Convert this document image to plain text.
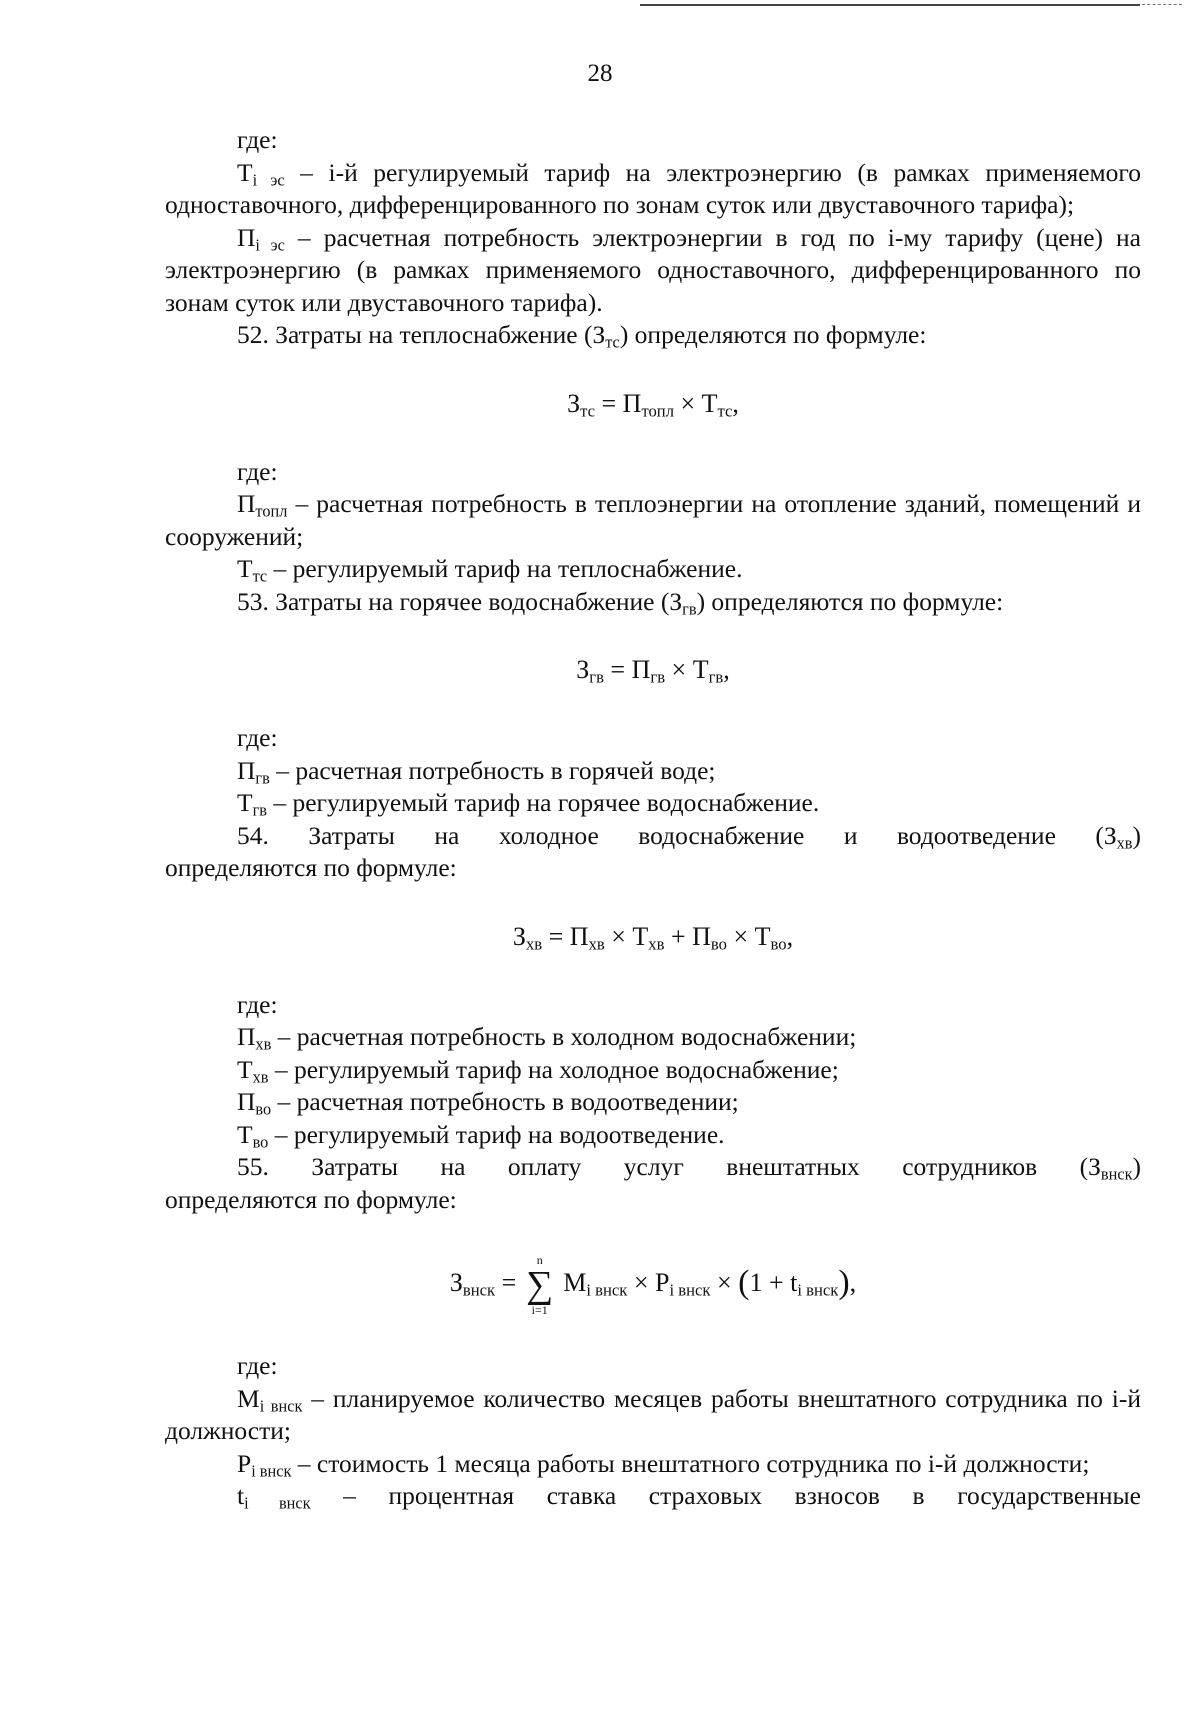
28

где:

$Т_{i эс} - i-й$ регулируемый тариф на электроэнергию (в рамках применяемого одноставочного, дифференцированного по зонам суток или двуставочного тарифа);

$П_{i эс}$ – расчетная потребность электроэнергии в год по i-му тарифу (цене) на электроэнергию (в рамках применяемого одноставочного, дифференцированного по зонам суток или двуставочного тарифа).

52. Затраты на теплоснабжение $(З_{тс})$ определяются по формуле:

$З_{тс} = П_{топл} \times Т_{тс}$,

где:

$П_{топл}$ – расчетная потребность в теплоэнергии на отопление зданий, помещений и сооружений;

$Т_{тс}$ – регулируемый тариф на теплоснабжение.

53. Затраты на горячее водоснабжение $(З_{гв})$ определяются по формуле:

$З_{гв} = П_{гв} \times Т_{гв}$,

где:

$П_{гв}$ – расчетная потребность в горячей воде;

$Т_{гв}$ – регулируемый тариф на горячее водоснабжение.

54. Затраты на холодное водоснабжение и водоотведение $(З_{хв})$

определяются по формуле:

$З_{хв} = П_{хв} \times Т_{хв} + П_{во} \times Т_{во}$,

где:

$П_{хв}$ – расчетная потребность в холодном водоснабжении;

$Т_{хв}$ – регулируемый тариф на холодное водоснабжение;

$П_{во}$ – расчетная потребность в водоотведении;

$Т_{во}$ – регулируемый тариф на водоотведение.

55. Затраты на оплату услуг внештатных сотрудников $(З_{внск})$

определяются по формуле:

$З_{внск}$ =
n
∑
i=1
$M_{i внск} \times P_{i внск} \times (1 + t_{i внск})$,

где:

$М_{i внск}$ – планируемое количество месяцев работы внештатного сотрудника по i-й должности;

$Р_{i внск}$ – стоимость 1 месяца работы внештатного сотрудника по i-й должности;

$t_{i внск}$ – процентная ставка страховых взносов в государственные
